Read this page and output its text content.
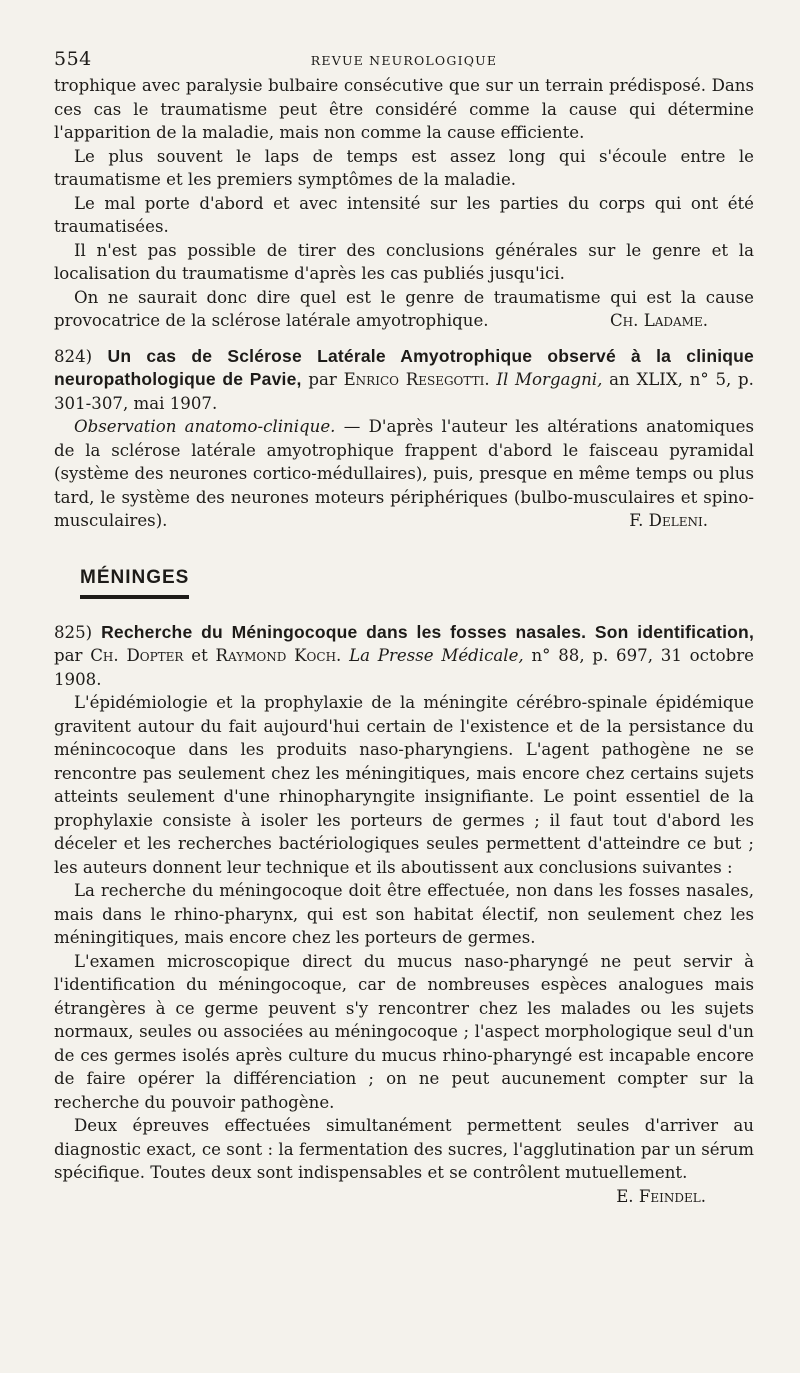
554	REVUE NEUROLOGIQUE

trophique avec paralysie bulbaire consécutive que sur un terrain prédisposé. Dans ces cas le traumatisme peut être considéré comme la cause qui détermine l'apparition de la maladie, mais non comme la cause efficiente.

Le plus souvent le laps de temps est assez long qui s'écoule entre le traumatisme et les premiers symptômes de la maladie.

Le mal porte d'abord et avec intensité sur les parties du corps qui ont été traumatisées.

Il n'est pas possible de tirer des conclusions générales sur le genre et la localisation du traumatisme d'après les cas publiés jusqu'ici.

On ne saurait donc dire quel est le genre de traumatisme qui est la cause provocatrice de la sclérose latérale amyotrophique.	Ch. Ladame.

824) Un cas de Sclérose Latérale Amyotrophique observé à la clinique neuropathologique de Pavie, par Enrico Resegotti. Il Morgagni, an XLIX, n° 5, p. 301-307, mai 1907.

Observation anatomo-clinique. — D'après l'auteur les altérations anatomiques de la sclérose latérale amyotrophique frappent d'abord le faisceau pyramidal (système des neurones cortico-médullaires), puis, presque en même temps ou plus tard, le système des neurones moteurs périphériques (bulbo-musculaires et spino-musculaires).	F. Deleni.

MÉNINGES

825) Recherche du Méningocoque dans les fosses nasales. Son identification, par Ch. Dopter et Raymond Koch. La Presse Médicale, n° 88, p. 697, 31 octobre 1908.

L'épidémiologie et la prophylaxie de la méningite cérébro-spinale épidémique gravitent autour du fait aujourd'hui certain de l'existence et de la persistance du ménincocoque dans les produits naso-pharyngiens. L'agent pathogène ne se rencontre pas seulement chez les méningitiques, mais encore chez certains sujets atteints seulement d'une rhinopharyngite insignifiante. Le point essentiel de la prophylaxie consiste à isoler les porteurs de germes ; il faut tout d'abord les déceler et les recherches bactériologiques seules permettent d'atteindre ce but ; les auteurs donnent leur technique et ils aboutissent aux conclusions suivantes :

La recherche du méningocoque doit être effectuée, non dans les fosses nasales, mais dans le rhino-pharynx, qui est son habitat électif, non seulement chez les méningitiques, mais encore chez les porteurs de germes.

L'examen microscopique direct du mucus naso-pharyngé ne peut servir à l'identification du méningocoque, car de nombreuses espèces analogues mais étrangères à ce germe peuvent s'y rencontrer chez les malades ou les sujets normaux, seules ou associées au méningocoque ; l'aspect morphologique seul d'un de ces germes isolés après culture du mucus rhino-pharyngé est incapable encore de faire opérer la différenciation ; on ne peut aucunement compter sur la recherche du pouvoir pathogène.

Deux épreuves effectuées simultanément permettent seules d'arriver au diagnostic exact, ce sont : la fermentation des sucres, l'agglutination par un sérum spécifique. Toutes deux sont indispensables et se contrôlent mutuellement.

E. Feindel.
